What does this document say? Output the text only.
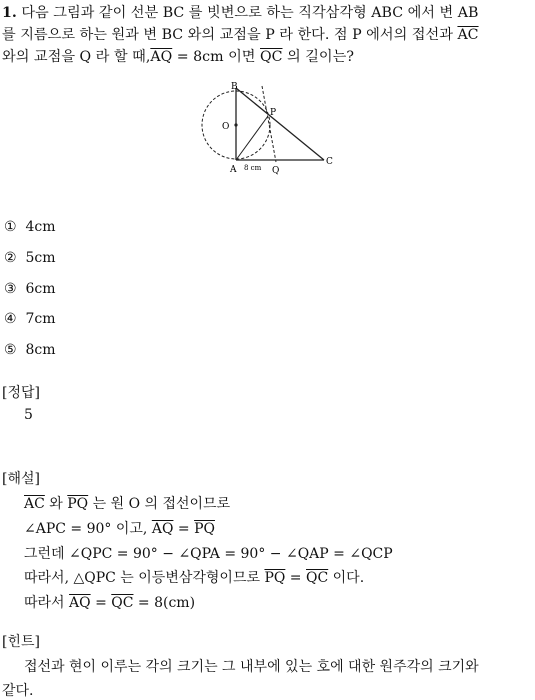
1. 다음 그림과 같이 선분 BC 를 빗변으로 하는 직각삼각형 ABC 에서 변 AB
를 지름으로 하는 원과 변 BC 와의 교점을 P 라 한다. 점 P 에서의 접선과 $\overline{AC}$
와의 교점을 Q 라 할 때$,\overline{AQ} = 8cm$ 이면 $\overline{QC}$ 의 길이는?
B
O
P
A 8 cm Q
C
① 4cm
② 5cm
③ 6cm
④ 7cm
⑤ 8cm
[정답]
5
[해설]
$\overline{AC}$ 와 $\overline{PQ}$ 는 원 O 의 접선이므로
∠APC = 90° 이고, $\overline{AQ} = \overline{PQ}$
그런데 ∠QPC = 90° − ∠QPA = 90° − ∠QAP = ∠QCP
따라서, △QPC 는 이등변삼각형이므로 $\overline{PQ} = \overline{QC}$ 이다.
따라서 $\overline{AQ} = \overline{QC} = 8(cm)$
[힌트]
접선과 현이 이루는 각의 크기는 그 내부에 있는 호에 대한 원주각의 크기와
같다.
